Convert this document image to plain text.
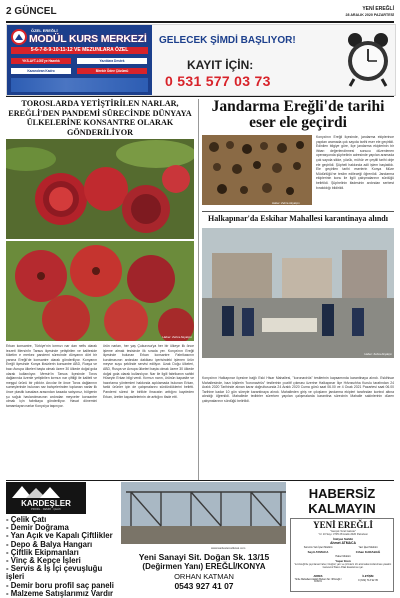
2 GÜNCEL	YENİ EREĞLİ
28 ARALIK 2020 PAZARTESİ
ÖZEL EREĞLİ
MODÜL KURS MERKEZİ
5-6-7-8-9-10-11-12 VE MEZUNLARA ÖZEL
YKS-AYT-LGS'ye Hazırlık	Yazılılara Destek
Kazandıran Kadro	Birebir Ödev Çözümü
GELECEK ŞİMDİ BAŞLIYOR!
KAYIT İÇİN:
0 531 577 03 73
TOROSLARDA YETİŞTİRİLEN NARLAR, EREĞLİ'DEN PANDEMİ SÜRECİNDE DÜNYAYA ÜLKELERİNE KONSANTRE OLARAK GÖNDERİLİYOR
Haber: Zehra Akyalçın
Erkan konsantre, Türkiye'nin kırmızı nar dan nefis olarak lezzeti Mersin'in Tarsus ilçesinde yetiştirilen ve kaliteside tüketim e merkez pandemi sürecinde dünyanın dört bir yanına Ereğli'de konsantre olarak gönderiliyor. Konyanın Ereğli ilçesinde Konya ilksizlerin konsantre ABD, Rusya ve bazı Avrupa ülkeleri başta olmak üzere 30 ülkede doğal gıda olarak kullanılıyor. Mersin'in Tarsus ilçesinde Toros dağlarında özenle yetiştirilen kırmızı nar çiftliği ile kaliteli ve meşgul ürünü bir yıllıktır. Arıcılar ile önce Toros dağlarının sumeşlerinde bulunan nar bahçelerinden toplanan narlar ilk önce plastik kasalara arasından kasada satıyoruz, bölgenin şu soğuk havlanılmasının ardından meyveler konsantre olmak için fabrikaya gönderiliyor. Hasat dönemini tamamlayan narlar Konya'ya taşınıyor.
ürün narları, her yaş Çukurova'ya her bir ülkeye ilk önce işleme almak tesisinde ilk sırada yer. Konya'nın Ereğli ilçesinde bulunan Erkan konsantre Fabrikasının kurulmasının ardından dakikası içerisindeki işlenen ürün meyve suyu şeklinde servisi ediliyor. Uzak Doğu ülkeleri, ABD, Rusya ve Avrupa ülkeleri başta olmak üzere 30 ülkede doğal gıda olarak kullanılıyor. Nar ile ilgili fabrikanın sahibi Hüseyin Erkan bilgi verdi. Kırmızı narın, ürünün kapasite ve hazırlama yöntemleri hakkında açıklamada bulunan Erkan, farklı ürünler için de çalışmalarını sürdürdüklerini belirtti. Pandemi süreci ile birlikte ihracatın arttığını kaydeden Erkan, üretim kapasitelerinin de arttığını ifade etti.
Jandarma Ereğli'de tarihi eser ele geçirdi
Haber: Zehra Akyalçın
Konya'nın Ereğli ilçesinde, jandarma ekiplerince yapılan aramada çok sayıda tarihi eser ele geçirildi. Edinilen bilgiye göre, ilçe jandarma ekiplerinin bir ihbarı değerlendirmesi sonucu düzenlenen operasyonda şüphelinin adresinde yapılan aramada çok sayıda sikke, yüzük, mühür ve çeşitli tarihi obje ele geçirildi. Şüpheli hakkında adli işlem başlatıldı. Ele geçirilen tarihi eserlerin Konya Müze Müdürlüğü'ne teslim edileceği öğrenildi. Jandarma ekiplerinin konu ile ilgili çalışmalarının sürdüğü belirtildi. Şüphelinin ifadesinin ardından serbest bırakıldığı bildirildi.
Halkapınar'da Eskihar Mahallesi karantinaya alındı
Haber: Zehra Akyalçın
Konya'nın Halkapınar ilçesine bağlı Eski Hisar Mahallesi, "koronavirüs" testlerinin kapsamında karantinaya alındı. Eskihisar Mahallesinde, bazı kişilerin "koronavirüs" testlerinin pozitif çıkması üzerine Halkapınar İlçe Hıfzıssıhha Kurulu tarafından 24 Aralık 2020 Tarihinde alınan karar doğrultusunda 24 Aralık 2020 Cuma günü saat 06.00 ve 4 Ocak 2021 Pazartesi saat 06.00 Tarihine kadar 10 gün süreyle karantinaya alındı. Mahalleden giriş ve çıkışların jandarma ekipleri tarafından kontrol altına alındığı öğrenildi. Mahallede tedbirler sürerken yapılan çalışmalarda karantina sürecinin Mahalle sakinlerinin düzen çalışmalarının sürdüğü belirtildi.
KARDEŞLER
PROFİL · DEMİR · ÇELİK
- Çelik Çatı
- Demir Doğrama
- Yan Açık ve Kapalı Çiftlikler
- Depo & Balya Hangarı
- Çiftlik Ekipmanları
- Vinç & Kepçe İşleri
- Servis & İş İçi çevuşluğu işleri
- Demir boru profil saç paneli
- Malzeme Satışlarımız Vardır
www.kardeslercelikcatı.com
Yeni Sanayi Sit. Doğan Sk. 13/15
(Değirmen Yanı) EREĞLİ/KONYA
ORHAN KATMAN
0543 927 41 07
HABERSİZ
KALMAYIN
YENİ EREĞLİ
"Gerçek Yerel Gazete"
Yıl: 10 Sayı: 3735 28 Aralık 2020 Pazartesi
İmtiyaz Sahibi
Ahmet ATMACA
Sorumlu Yazı İşleri Müdürü
Seyit AYMACA
Yazı İşleri Müdürü
Cihan KARABAĞ
Haber Müdürü
Yaşar Eren
Yeni Ereğli'de yayınlanan haber, fotoğraf, yazı ve çizimlerin izin alınmadan kullanılması yasaktır. Gazetemiz Basın Ahlak Esaslarına uyar.
ADRES
Türbe Mahallesi Atatürk Bulvarı No: 38 Ereğli / KONYA
İLETİŞİM
0 (332) 713 92 35
